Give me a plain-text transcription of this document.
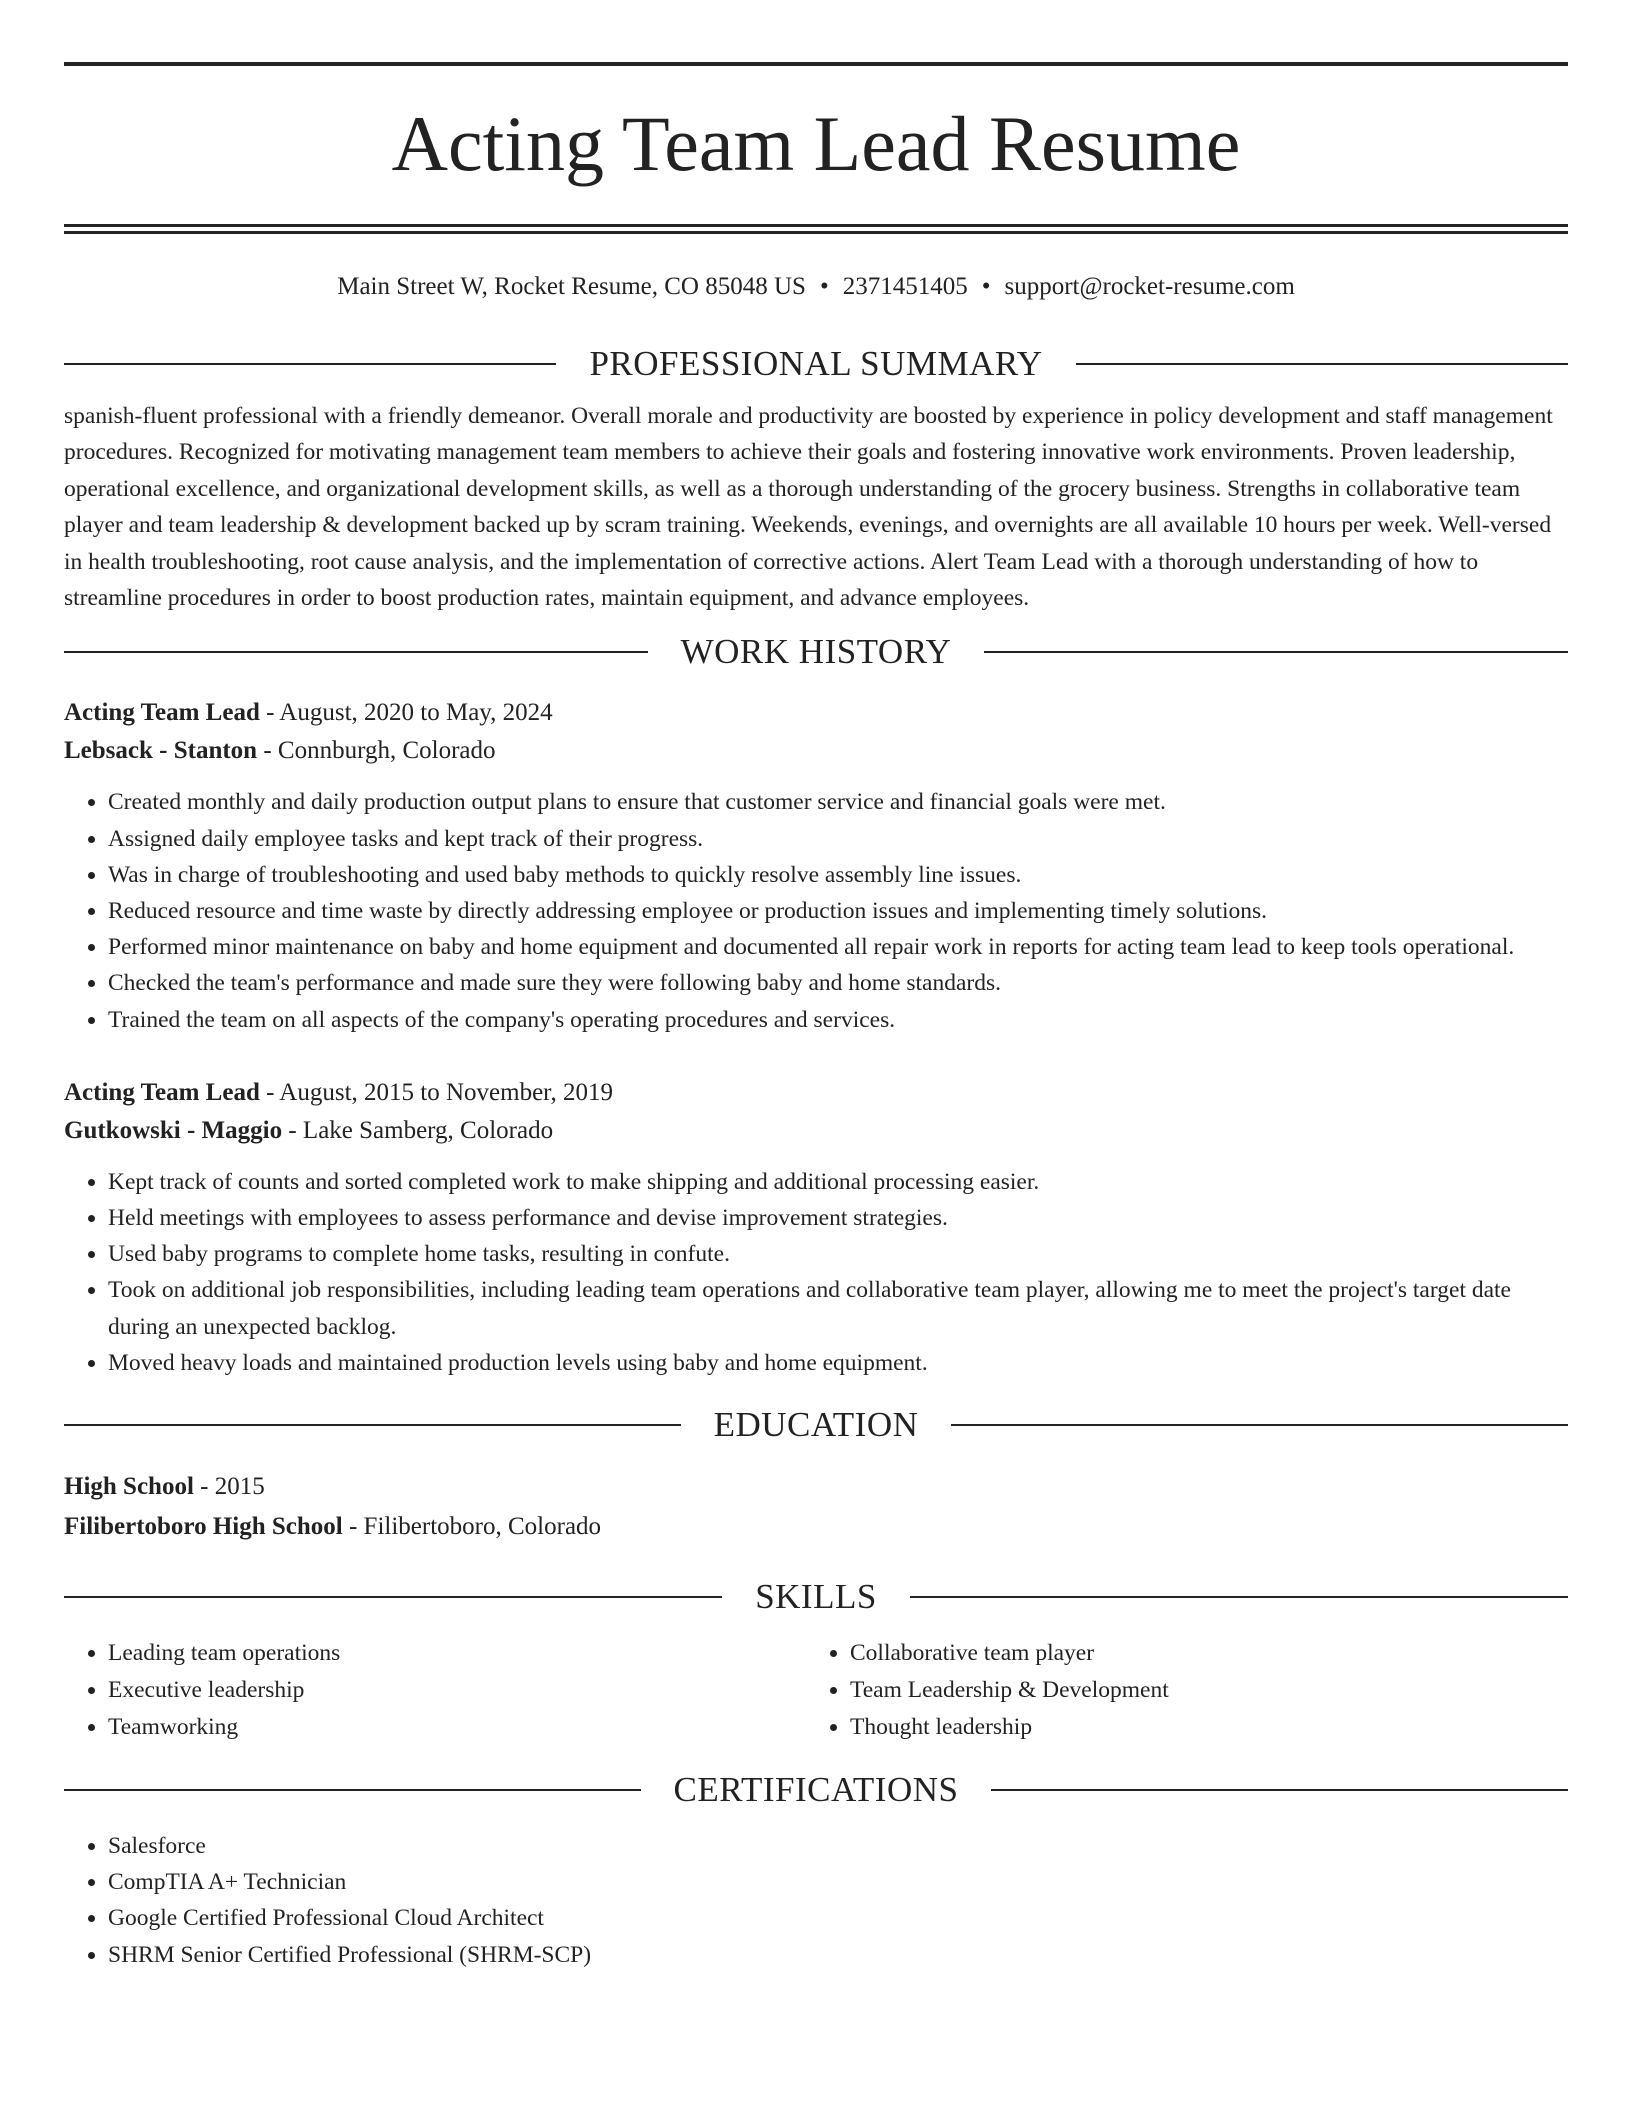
Acting Team Lead Resume
Main Street W, Rocket Resume, CO 85048 US • 2371451405 • support@rocket-resume.com
PROFESSIONAL SUMMARY
spanish-fluent professional with a friendly demeanor. Overall morale and productivity are boosted by experience in policy development and staff management procedures. Recognized for motivating management team members to achieve their goals and fostering innovative work environments. Proven leadership, operational excellence, and organizational development skills, as well as a thorough understanding of the grocery business. Strengths in collaborative team player and team leadership & development backed up by scram training. Weekends, evenings, and overnights are all available 10 hours per week. Well-versed in health troubleshooting, root cause analysis, and the implementation of corrective actions. Alert Team Lead with a thorough understanding of how to streamline procedures in order to boost production rates, maintain equipment, and advance employees.
WORK HISTORY
Acting Team Lead - August, 2020 to May, 2024
Lebsack - Stanton - Connburgh, Colorado
• Created monthly and daily production output plans to ensure that customer service and financial goals were met.
• Assigned daily employee tasks and kept track of their progress.
• Was in charge of troubleshooting and used baby methods to quickly resolve assembly line issues.
• Reduced resource and time waste by directly addressing employee or production issues and implementing timely solutions.
• Performed minor maintenance on baby and home equipment and documented all repair work in reports for acting team lead to keep tools operational.
• Checked the team's performance and made sure they were following baby and home standards.
• Trained the team on all aspects of the company's operating procedures and services.
Acting Team Lead - August, 2015 to November, 2019
Gutkowski - Maggio - Lake Samberg, Colorado
• Kept track of counts and sorted completed work to make shipping and additional processing easier.
• Held meetings with employees to assess performance and devise improvement strategies.
• Used baby programs to complete home tasks, resulting in confute.
• Took on additional job responsibilities, including leading team operations and collaborative team player, allowing me to meet the project's target date during an unexpected backlog.
• Moved heavy loads and maintained production levels using baby and home equipment.
EDUCATION
High School - 2015
Filibertoboro High School - Filibertoboro, Colorado
SKILLS
• Leading team operations
• Executive leadership
• Teamworking
• Collaborative team player
• Team Leadership & Development
• Thought leadership
CERTIFICATIONS
• Salesforce
• CompTIA A+ Technician
• Google Certified Professional Cloud Architect
• SHRM Senior Certified Professional (SHRM-SCP)
